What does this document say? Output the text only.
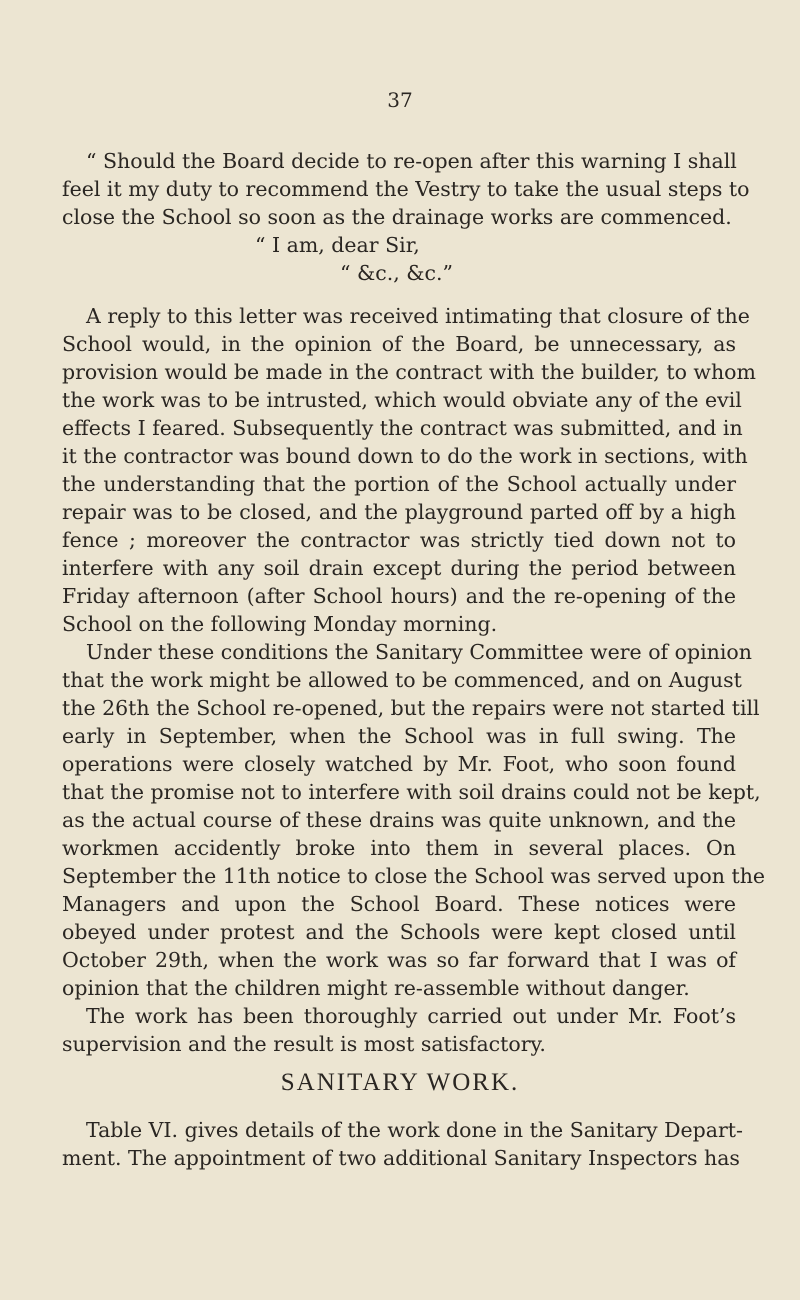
37
“ Should the Board decide to re-open after this warning I shall
feel it my duty to recommend the Vestry to take the usual steps to
close the School so soon as the drainage works are commenced.
“ I am, dear Sir,
“ &c., &c.”
A reply to this letter was received intimating that closure of the
School would, in the opinion of the Board, be unnecessary, as
provision would be made in the contract with the builder, to whom
the work was to be intrusted, which would obviate any of the evil
effects I feared. Subsequently the contract was submitted, and in
it the contractor was bound down to do the work in sections, with
the understanding that the portion of the School actually under
repair was to be closed, and the playground parted off by a high
fence ; moreover the contractor was strictly tied down not to
interfere with any soil drain except during the period between
Friday afternoon (after School hours) and the re-opening of the
School on the following Monday morning.
Under these conditions the Sanitary Committee were of opinion
that the work might be allowed to be commenced, and on August
the 26th the School re-opened, but the repairs were not started till
early in September, when the School was in full swing. The
operations were closely watched by Mr. Foot, who soon found
that the promise not to interfere with soil drains could not be kept,
as the actual course of these drains was quite unknown, and the
workmen accidently broke into them in several places. On
September the 11th notice to close the School was served upon the
Managers and upon the School Board. These notices were
obeyed under protest and the Schools were kept closed until
October 29th, when the work was so far forward that I was of
opinion that the children might re-assemble without danger.
The work has been thoroughly carried out under Mr. Foot’s
SANITARY WORK.
Table VI. gives details of the work done in the Sanitary Depart-
ment. The appointment of two additional Sanitary Inspectors has
supervision and the result is most satisfactory.
